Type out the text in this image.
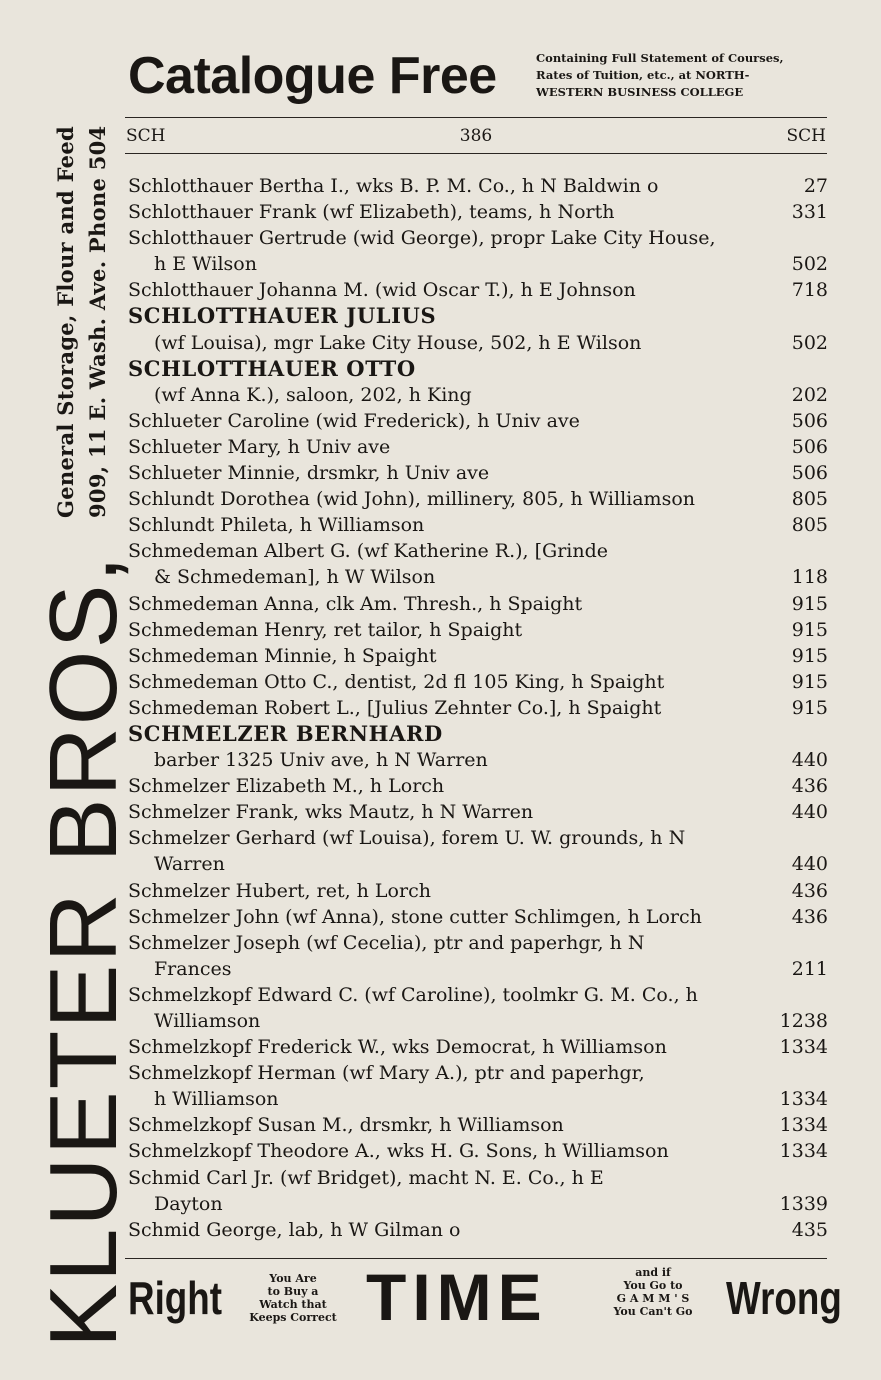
General Storage, Flour and Feed 909, 11 E. Wash. Ave. Phone 504
KLUETER BROS,
Catalogue Free	Containing Full Statement of Courses,
Rates of Tuition, etc., at NORTH-
WESTERN BUSINESS COLLEGE
SCH	386	SCH
Schlotthauer Bertha I., wks B. P. M. Co., h N Baldwin o	27
Schlotthauer Frank (wf Elizabeth), teams, h North	331
Schlotthauer Gertrude (wid George), propr Lake City House,
h E Wilson	502
Schlotthauer Johanna M. (wid Oscar T.), h E Johnson	718
SCHLOTTHAUER JULIUS
(wf Louisa), mgr Lake City House, 502, h E Wilson	502
SCHLOTTHAUER OTTO
(wf Anna K.), saloon, 202, h King	202
Schlueter Caroline (wid Frederick), h Univ ave	506
Schlueter Mary, h Univ ave	506
Schlueter Minnie, drsmkr, h Univ ave	506
Schlundt Dorothea (wid John), millinery, 805, h Williamson	805
Schlundt Phileta, h Williamson	805
Schmedeman Albert G. (wf Katherine R.), [Grinde
& Schmedeman], h W Wilson	118
Schmedeman Anna, clk Am. Thresh., h Spaight	915
Schmedeman Henry, ret tailor, h Spaight	915
Schmedeman Minnie, h Spaight	915
Schmedeman Otto C., dentist, 2d fl 105 King, h Spaight	915
Schmedeman Robert L., [Julius Zehnter Co.], h Spaight	915
SCHMELZER BERNHARD
barber 1325 Univ ave, h N Warren	440
Schmelzer Elizabeth M., h Lorch	436
Schmelzer Frank, wks Mautz, h N Warren	440
Schmelzer Gerhard (wf Louisa), forem U. W. grounds, h N
Warren	440
Schmelzer Hubert, ret, h Lorch	436
Schmelzer John (wf Anna), stone cutter Schlimgen, h Lorch	436
Schmelzer Joseph (wf Cecelia), ptr and paperhgr, h N
Frances	211
Schmelzkopf Edward C. (wf Caroline), toolmkr G. M. Co., h
Williamson	1238
Schmelzkopf Frederick W., wks Democrat, h Williamson	1334
Schmelzkopf Herman (wf Mary A.), ptr and paperhgr,
h Williamson	1334
Schmelzkopf Susan M., drsmkr, h Williamson	1334
Schmelzkopf Theodore A., wks H. G. Sons, h Williamson	1334
Schmid Carl Jr. (wf Bridget), macht N. E. Co., h E
Dayton	1339
Schmid George, lab, h W Gilman o	435
Right	You Are
to Buy a
Watch that
Keeps Correct TIME	and if
You Go to
G A M M ' S
You Can't Go Wrong
